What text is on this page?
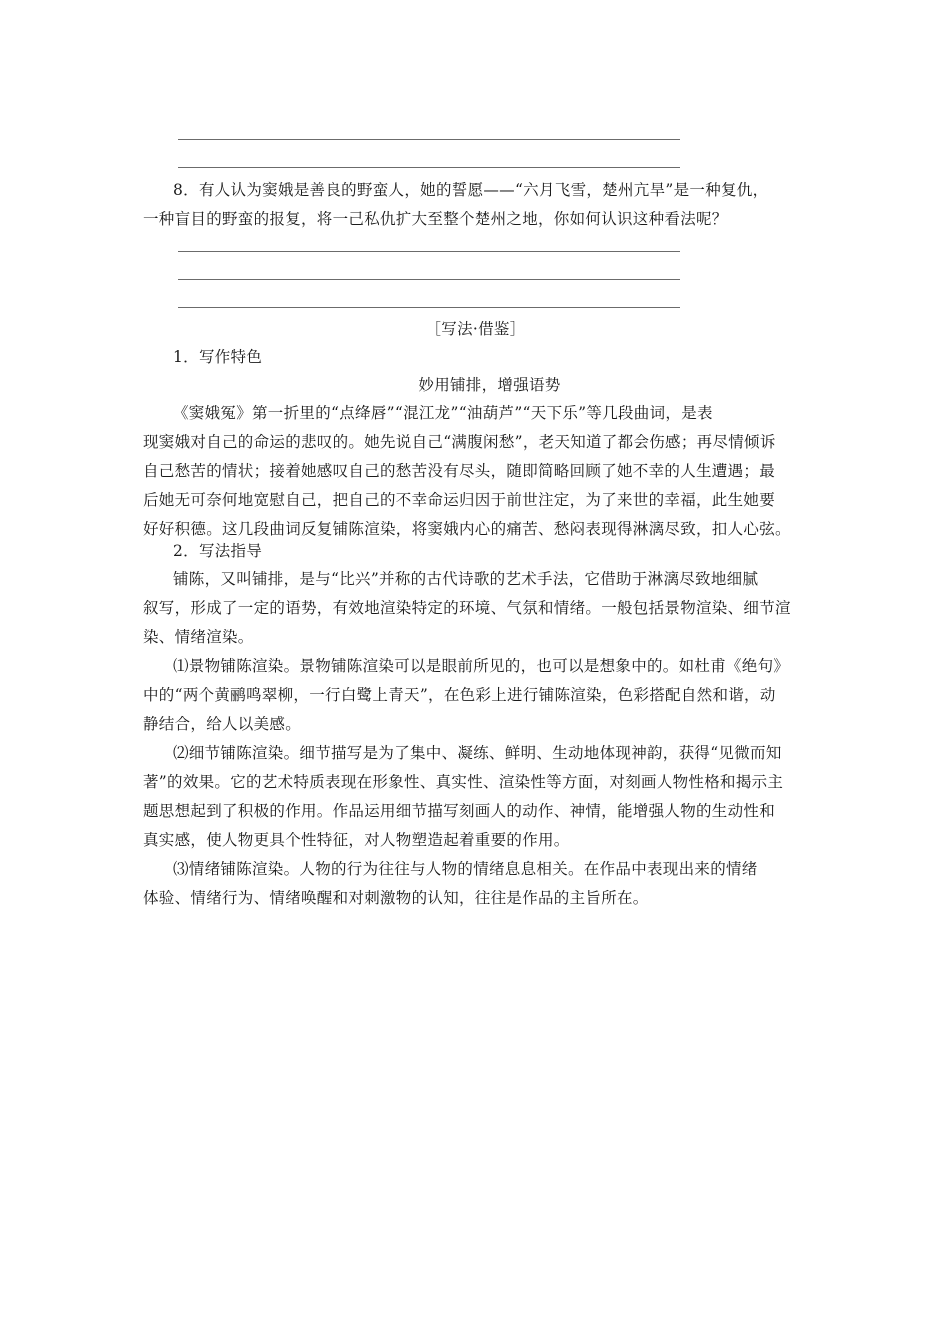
8．有人认为窦娥是善良的野蛮人，她的誓愿——“六月飞雪，楚州亢旱”是一种复仇，
一种盲目的野蛮的报复，将一己私仇扩大至整个楚州之地，你如何认识这种看法呢？
［写法·借鉴］
1．写作特色
妙用铺排，增强语势
《窦娥冤》第一折里的“点绛唇”“混江龙”“油葫芦”“天下乐”等几段曲词，是表
现窦娥对自己的命运的悲叹的。她先说自己“满腹闲愁”，老天知道了都会伤感；再尽情倾诉
自己愁苦的情状；接着她感叹自己的愁苦没有尽头，随即简略回顾了她不幸的人生遭遇；最
后她无可奈何地宽慰自己，把自己的不幸命运归因于前世注定，为了来世的幸福，此生她要
好好积德。这几段曲词反复铺陈渲染，将窦娥内心的痛苦、愁闷表现得淋漓尽致，扣人心弦。
2．写法指导
铺陈，又叫铺排，是与“比兴”并称的古代诗歌的艺术手法，它借助于淋漓尽致地细腻
叙写，形成了一定的语势，有效地渲染特定的环境、气氛和情绪。一般包括景物渲染、细节渲
染、情绪渲染。
⑴景物铺陈渲染。景物铺陈渲染可以是眼前所见的，也可以是想象中的。如杜甫《绝句》
中的“两个黄鹂鸣翠柳，一行白鹭上青天”，在色彩上进行铺陈渲染，色彩搭配自然和谐，动
静结合，给人以美感。
⑵细节铺陈渲染。细节描写是为了集中、凝练、鲜明、生动地体现神韵，获得“见微而知
著”的效果。它的艺术特质表现在形象性、真实性、渲染性等方面，对刻画人物性格和揭示主
题思想起到了积极的作用。作品运用细节描写刻画人的动作、神情，能增强人物的生动性和
真实感，使人物更具个性特征，对人物塑造起着重要的作用。
⑶情绪铺陈渲染。人物的行为往往与人物的情绪息息相关。在作品中表现出来的情绪
体验、情绪行为、情绪唤醒和对刺激物的认知，往往是作品的主旨所在。
